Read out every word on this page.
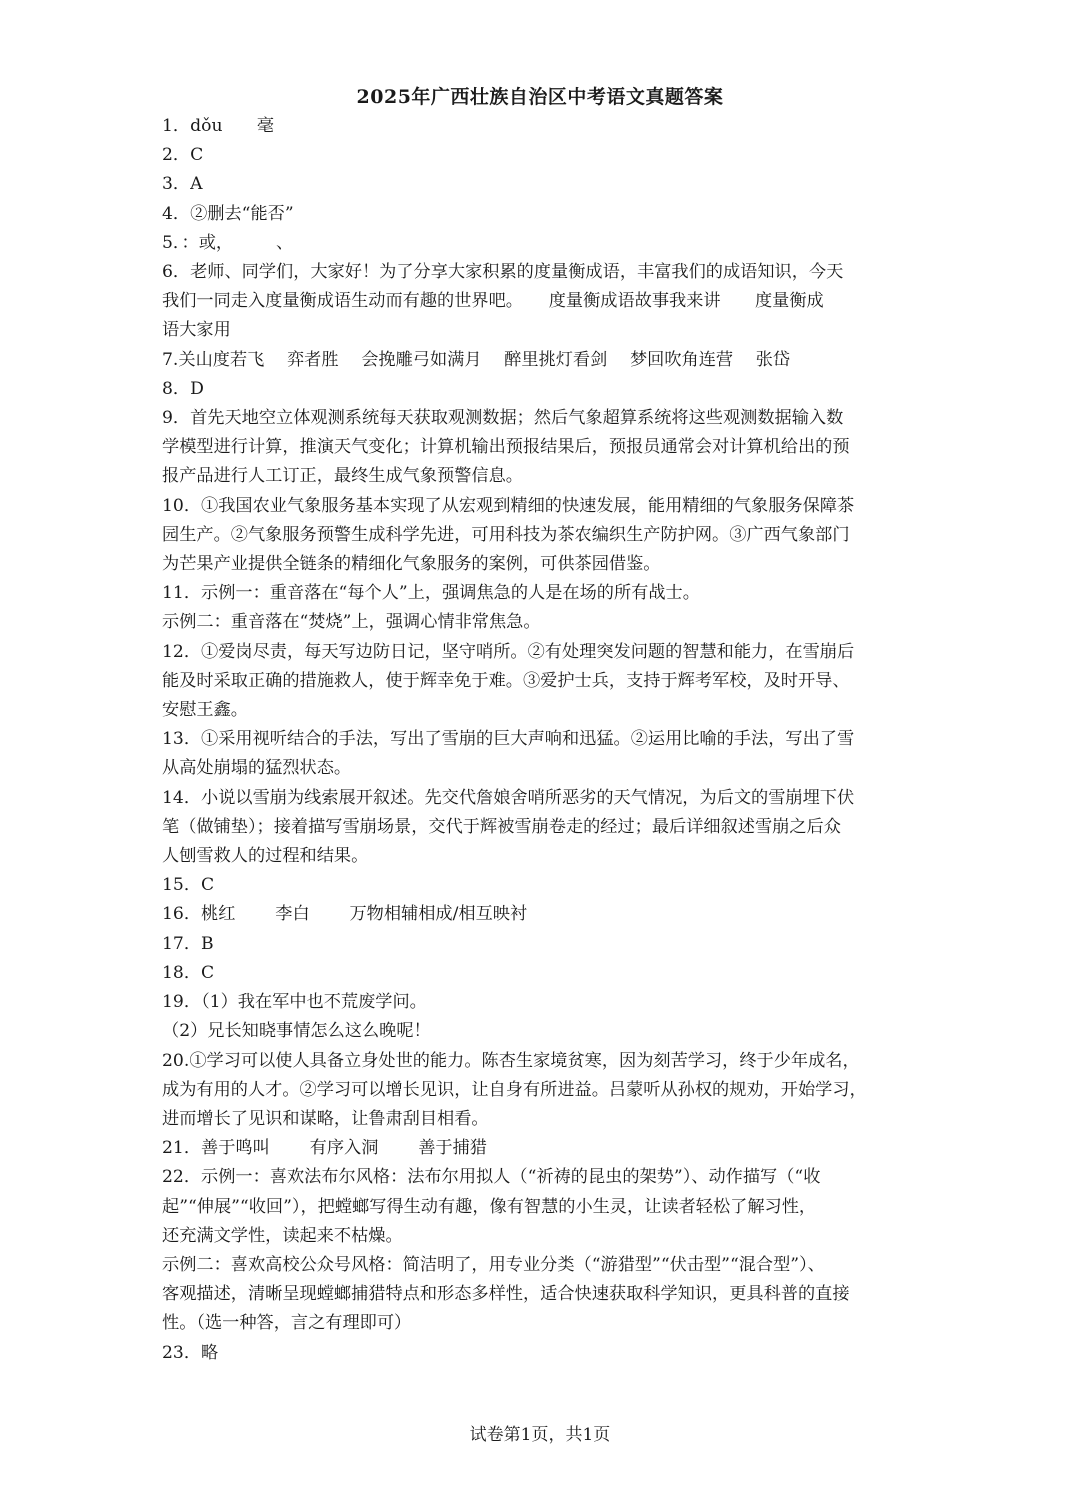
2025年广西壮族自治区中考语文真题答案
1．dǒu　　毫
2．C
3．A
4．②删去“能否”
5．：或，　　　、
6．老师、同学们，大家好！为了分享大家积累的度量衡成语，丰富我们的成语知识，今天
我们一同走入度量衡成语生动而有趣的世界吧。　　度量衡成语故事我来讲　　度量衡成
语大家用
7.关山度若飞　 弈者胜　 会挽雕弓如满月　 醉里挑灯看剑　 梦回吹角连营　 张岱
8．D
9．首先天地空立体观测系统每天获取观测数据；然后气象超算系统将这些观测数据输入数
学模型进行计算，推演天气变化；计算机输出预报结果后，预报员通常会对计算机给出的预
报产品进行人工订正，最终生成气象预警信息。
10．①我国农业气象服务基本实现了从宏观到精细的快速发展，能用精细的气象服务保障茶
园生产。②气象服务预警生成科学先进，可用科技为茶农编织生产防护网。③广西气象部门
为芒果产业提供全链条的精细化气象服务的案例，可供茶园借鉴。
11．示例一：重音落在“每个人”上，强调焦急的人是在场的所有战士。
示例二：重音落在“焚烧”上，强调心情非常焦急。
12．①爱岗尽责，每天写边防日记，坚守哨所。②有处理突发问题的智慧和能力，在雪崩后
能及时采取正确的措施救人，使于辉幸免于难。③爱护士兵，支持于辉考军校，及时开导、
安慰王鑫。
13．①采用视听结合的手法，写出了雪崩的巨大声响和迅猛。②运用比喻的手法，写出了雪
从高处崩塌的猛烈状态。
14．小说以雪崩为线索展开叙述。先交代詹娘舍哨所恶劣的天气情况，为后文的雪崩埋下伏
笔（做铺垫）；接着描写雪崩场景，交代于辉被雪崩卷走的经过；最后详细叙述雪崩之后众
人刨雪救人的过程和结果。
15．C
16．桃红　　 李白　　 万物相辅相成/相互映衬
17．B
18．C
19．（1）我在军中也不荒废学问。
（2）兄长知晓事情怎么这么晚呢！
20.①学习可以使人具备立身处世的能力。陈杏生家境贫寒，因为刻苦学习，终于少年成名，
成为有用的人才。②学习可以增长见识，让自身有所进益。吕蒙听从孙权的规劝，开始学习，
进而增长了见识和谋略，让鲁肃刮目相看。
21．善于鸣叫　　 有序入洞　　 善于捕猎
22．示例一：喜欢法布尔风格：法布尔用拟人（“祈祷的昆虫的架势”）、动作描写（“收
起”“伸展”“收回”），把螳螂写得生动有趣，像有智慧的小生灵，让读者轻松了解习性，
还充满文学性，读起来不枯燥。
示例二：喜欢高校公众号风格：简洁明了，用专业分类（“游猎型”“伏击型”“混合型”）、
客观描述，清晰呈现螳螂捕猎特点和形态多样性，适合快速获取科学知识，更具科普的直接
性。（选一种答，言之有理即可）
23．略
试卷第1页，共1页
